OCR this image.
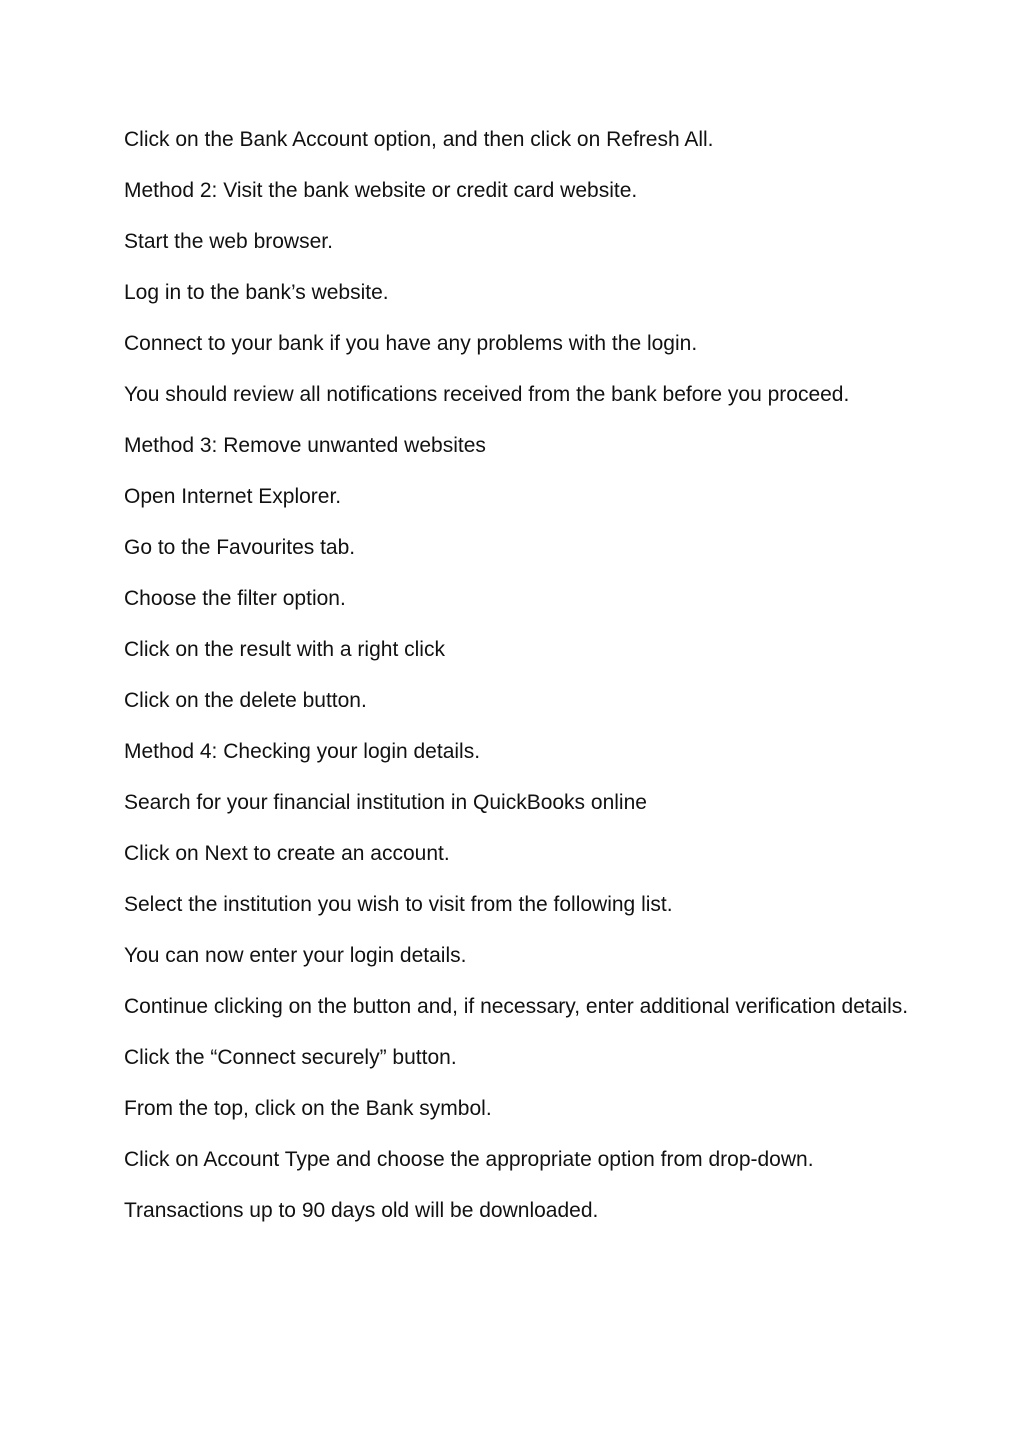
Click on the Bank Account option, and then click on Refresh All.

Method 2: Visit the bank website or credit card website.

Start the web browser.

Log in to the bank’s website.

Connect to your bank if you have any problems with the login.

You should review all notifications received from the bank before you proceed.

Method 3: Remove unwanted websites

Open Internet Explorer.

Go to the Favourites tab.

Choose the filter option.

Click on the result with a right click

Click on the delete button.

Method 4: Checking your login details.

Search for your financial institution in QuickBooks online

Click on Next to create an account.

Select the institution you wish to visit from the following list.

You can now enter your login details.

Continue clicking on the button and, if necessary, enter additional verification details.

Click the “Connect securely” button.

From the top, click on the Bank symbol.

Click on Account Type and choose the appropriate option from drop-down.

Transactions up to 90 days old will be downloaded.
